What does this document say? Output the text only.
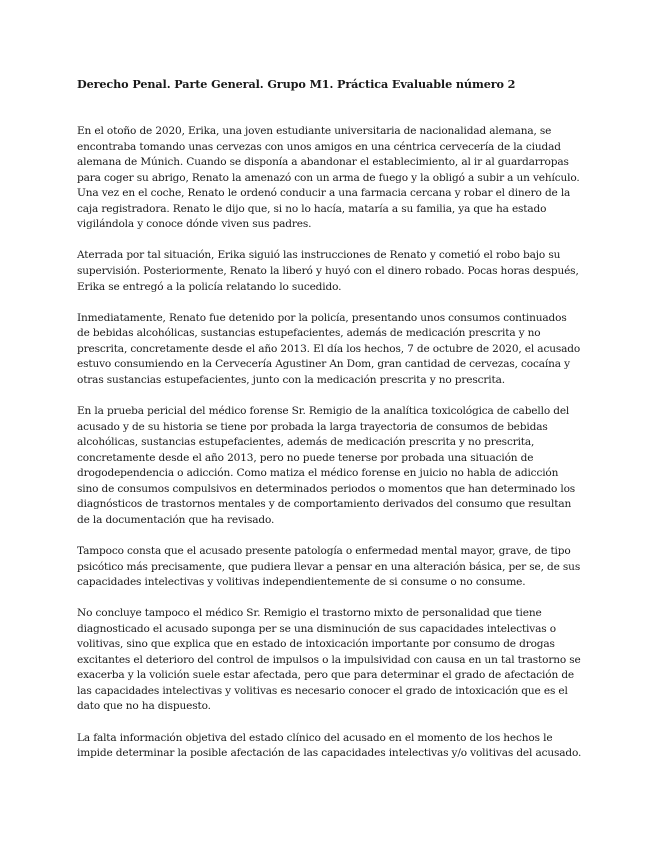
Derecho Penal. Parte General. Grupo M1. Práctica Evaluable número 2

En el otoño de 2020, Erika, una joven estudiante universitaria de nacionalidad alemana, se encontraba tomando unas cervezas con unos amigos en una céntrica cervecería de la ciudad alemana de Múnich. Cuando se disponía a abandonar el establecimiento, al ir al guardarropas para coger su abrigo, Renato la amenazó con un arma de fuego y la obligó a subir a un vehículo. Una vez en el coche, Renato le ordenó conducir a una farmacia cercana y robar el dinero de la caja registradora. Renato le dijo que, si no lo hacía, mataría a su familia, ya que ha estado vigilándola y conoce dónde viven sus padres.

Aterrada por tal situación, Erika siguió las instrucciones de Renato y cometió el robo bajo su supervisión. Posteriormente, Renato la liberó y huyó con el dinero robado. Pocas horas después, Erika se entregó a la policía relatando lo sucedido.

Inmediatamente, Renato fue detenido por la policía, presentando unos consumos continuados de bebidas alcohólicas, sustancias estupefacientes, además de medicación prescrita y no prescrita, concretamente desde el año 2013. El día los hechos, 7 de octubre de 2020, el acusado estuvo consumiendo en la Cervecería Agustiner An Dom, gran cantidad de cervezas, cocaína y otras sustancias estupefacientes, junto con la medicación prescrita y no prescrita.

En la prueba pericial del médico forense Sr. Remigio de la analítica toxicológica de cabello del acusado y de su historia se tiene por probada la larga trayectoria de consumos de bebidas alcohólicas, sustancias estupefacientes, además de medicación prescrita y no prescrita, concretamente desde el año 2013, pero no puede tenerse por probada una situación de drogodependencia o adicción. Como matiza el médico forense en juicio no habla de adicción sino de consumos compulsivos en determinados periodos o momentos que han determinado los diagnósticos de trastornos mentales y de comportamiento derivados del consumo que resultan de la documentación que ha revisado.

Tampoco consta que el acusado presente patología o enfermedad mental mayor, grave, de tipo psicótico más precisamente, que pudiera llevar a pensar en una alteración básica, per se, de sus capacidades intelectivas y volitivas independientemente de si consume o no consume.

No concluye tampoco el médico Sr. Remigio el trastorno mixto de personalidad que tiene diagnosticado el acusado suponga per se una disminución de sus capacidades intelectivas o volitivas, sino que explica que en estado de intoxicación importante por consumo de drogas excitantes el deterioro del control de impulsos o la impulsividad con causa en un tal trastorno se exacerba y la volición suele estar afectada, pero que para determinar el grado de afectación de las capacidades intelectivas y volitivas es necesario conocer el grado de intoxicación que es el dato que no ha dispuesto.

La falta información objetiva del estado clínico del acusado en el momento de los hechos le impide determinar la posible afectación de las capacidades intelectivas y/o volitivas del acusado.
